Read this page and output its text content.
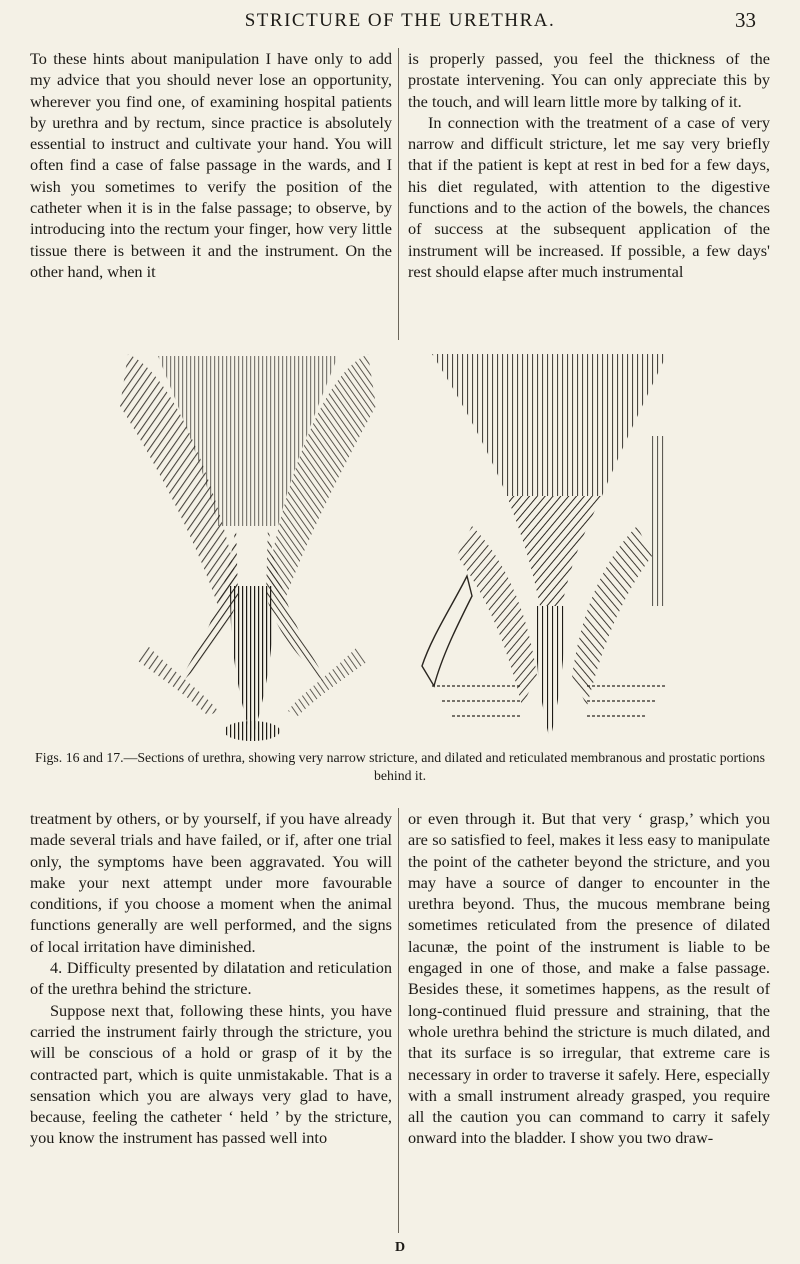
STRICTURE OF THE URETHRA.	33

To these hints about manipulation I have only to add my advice that you should never lose an opportunity, wherever you find one, of examining hospital patients by urethra and by rectum, since practice is absolutely essential to instruct and cultivate your hand. You will often find a case of false passage in the wards, and I wish you sometimes to verify the position of the catheter when it is in the false passage; to observe, by introducing into the rectum your finger, how very little tissue there is between it and the instrument. On the other hand, when it

is properly passed, you feel the thickness of the prostate intervening. You can only appreciate this by the touch, and will learn little more by talking of it.

In connection with the treatment of a case of very narrow and difficult stricture, let me say very briefly that if the patient is kept at rest in bed for a few days, his diet regulated, with attention to the digestive functions and to the action of the bowels, the chances of success at the subsequent application of the instrument will be increased. If possible, a few days' rest should elapse after much instrumental

Figs. 16 and 17.—Sections of urethra, showing very narrow stricture, and dilated and reticulated membranous and prostatic portions behind it.

treatment by others, or by yourself, if you have already made several trials and have failed, or if, after one trial only, the symptoms have been aggravated. You will make your next attempt under more favourable conditions, if you choose a moment when the animal functions generally are well performed, and the signs of local irritation have diminished.

4. Difficulty presented by dilatation and reticulation of the urethra behind the stricture.

Suppose next that, following these hints, you have carried the instrument fairly through the stricture, you will be conscious of a hold or grasp of it by the contracted part, which is quite unmistakable. That is a sensation which you are always very glad to have, because, feeling the catheter ‘ held ’ by the stricture, you know the instrument has passed well into

or even through it. But that very ‘ grasp,’ which you are so satisfied to feel, makes it less easy to manipulate the point of the catheter beyond the stricture, and you may have a source of danger to encounter in the urethra beyond. Thus, the mucous membrane being sometimes reticulated from the presence of dilated lacunæ, the point of the instrument is liable to be engaged in one of those, and make a false passage. Besides these, it sometimes happens, as the result of long-continued fluid pressure and straining, that the whole urethra behind the stricture is much dilated, and that its surface is so irregular, that extreme care is necessary in order to traverse it safely. Here, especially with a small instrument already grasped, you require all the caution you can command to carry it safely onward into the bladder. I show you two draw-

D
